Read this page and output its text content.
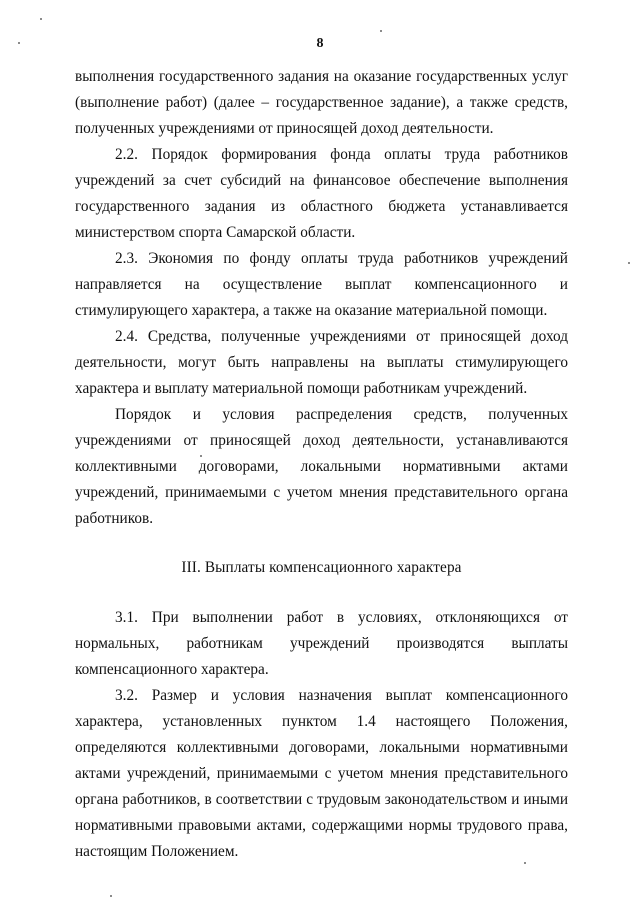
8

выполнения государственного задания на оказание государственных услуг (выполнение работ) (далее – государственное задание), а также средств, полученных учреждениями от приносящей доход деятельности.

2.2. Порядок формирования фонда оплаты труда работников учреждений за счет субсидий на финансовое обеспечение выполнения государственного задания из областного бюджета устанавливается министерством спорта Самарской области.

2.3. Экономия по фонду оплаты труда работников учреждений направляется на осуществление выплат компенсационного и стимулирующего характера, а также на оказание материальной помощи.

2.4. Средства, полученные учреждениями от приносящей доход деятельности, могут быть направлены на выплаты стимулирующего характера и выплату материальной помощи работникам учреждений.

Порядок и условия распределения средств, полученных учреждениями от приносящей доход деятельности, устанавливаются коллективными договорами, локальными нормативными актами учреждений, принимаемыми с учетом мнения представительного органа работников.

III. Выплаты компенсационного характера

3.1. При выполнении работ в условиях, отклоняющихся от нормальных, работникам учреждений производятся выплаты компенсационного характера.

3.2. Размер и условия назначения выплат компенсационного характера, установленных пунктом 1.4 настоящего Положения, определяются коллективными договорами, локальными нормативными актами учреждений, принимаемыми с учетом мнения представительного органа работников, в соответствии с трудовым законодательством и иными нормативными правовыми актами, содержащими нормы трудового права, настоящим Положением.
